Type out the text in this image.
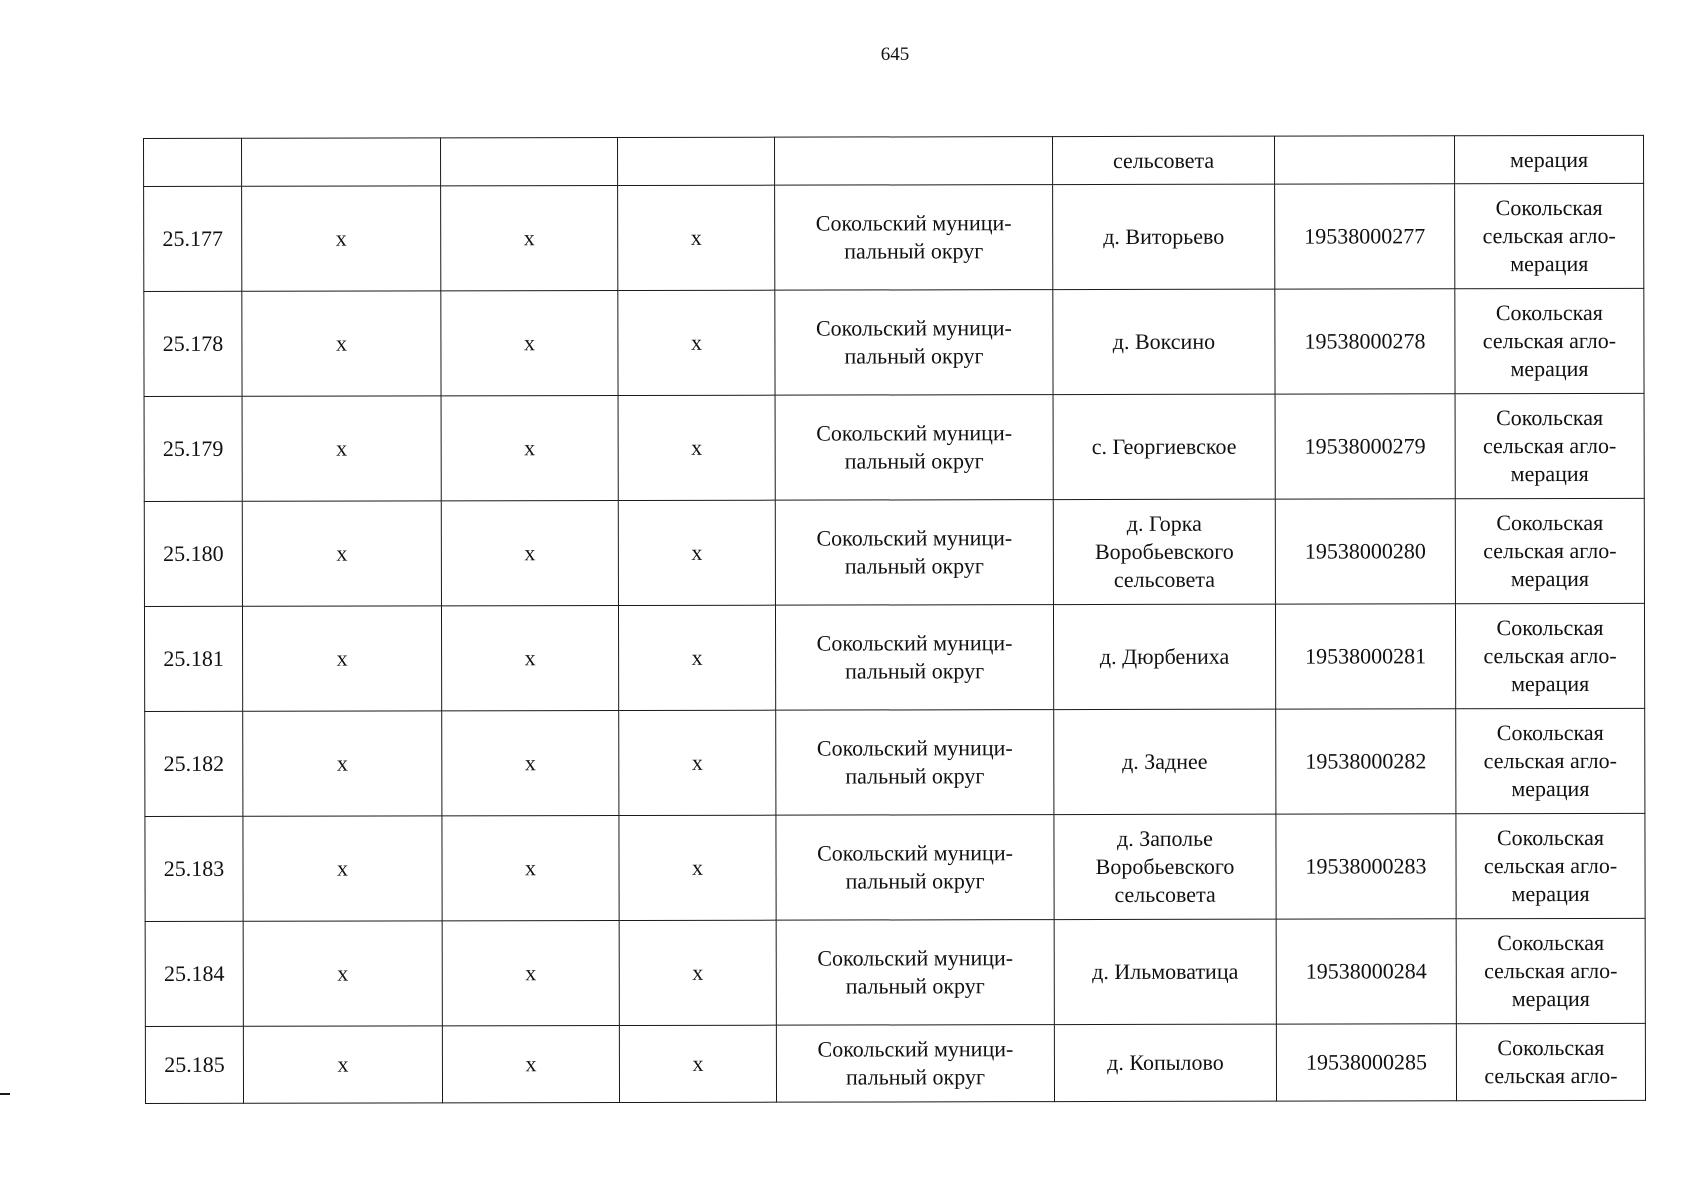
645
					сельсовета		мерация
25.177	х	х	х	Сокольский муници-
пальный округ	д. Виторьево	19538000277	Сокольская
сельская агло-
мерация
25.178	х	х	х	Сокольский муници-
пальный округ	д. Воксино	19538000278	Сокольская
сельская агло-
мерация
25.179	х	х	х	Сокольский муници-
пальный округ	с. Георгиевское	19538000279	Сокольская
сельская агло-
мерация
25.180	х	х	х	Сокольский муници-
пальный округ	д. Горка
Воробьевского
сельсовета	19538000280	Сокольская
сельская агло-
мерация
25.181	х	х	х	Сокольский муници-
пальный округ	д. Дюрбениха	19538000281	Сокольская
сельская агло-
мерация
25.182	х	х	х	Сокольский муници-
пальный округ	д. Заднее	19538000282	Сокольская
сельская агло-
мерация
25.183	х	х	х	Сокольский муници-
пальный округ	д. Заполье
Воробьевского
сельсовета	19538000283	Сокольская
сельская агло-
мерация
25.184	х	х	х	Сокольский муници-
пальный округ	д. Ильмоватица	19538000284	Сокольская
сельская агло-
мерация
25.185	х	х	х	Сокольский муници-
пальный округ	д. Копылово	19538000285	Сокольская
сельская агло-
